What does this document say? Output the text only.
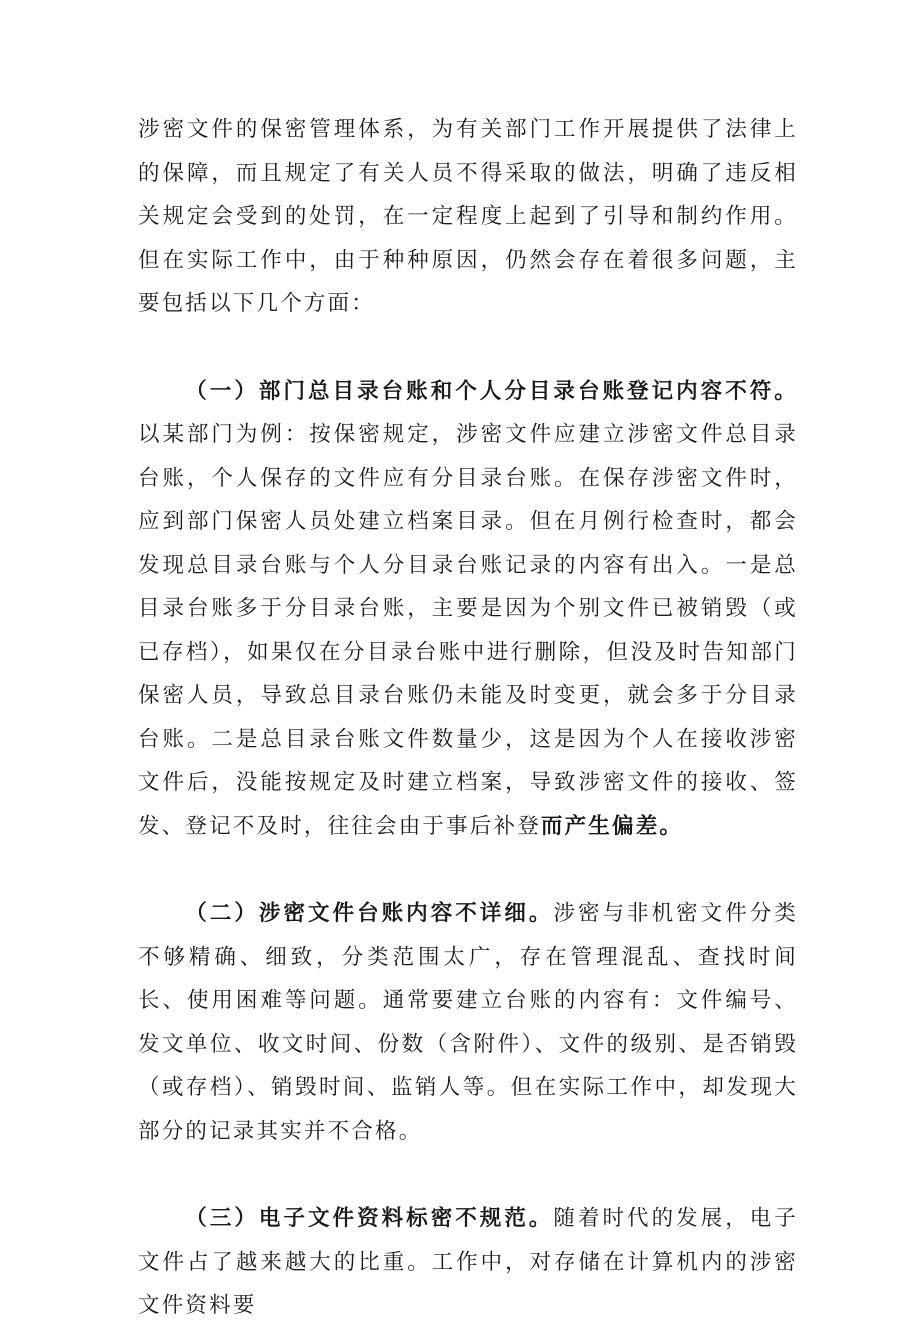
涉密文件的保密管理体系，为有关部门工作开展提供了法律上的保障，而且规定了有关人员不得采取的做法，明确了违反相关规定会受到的处罚，在一定程度上起到了引导和制约作用。但在实际工作中，由于种种原因，仍然会存在着很多问题，主要包括以下几个方面：

（一）部门总目录台账和个人分目录台账登记内容不符。以某部门为例：按保密规定，涉密文件应建立涉密文件总目录台账，个人保存的文件应有分目录台账。在保存涉密文件时，应到部门保密人员处建立档案目录。但在月例行检查时，都会发现总目录台账与个人分目录台账记录的内容有出入。一是总目录台账多于分目录台账，主要是因为个别文件已被销毁（或已存档），如果仅在分目录台账中进行删除，但没及时告知部门保密人员，导致总目录台账仍未能及时变更，就会多于分目录台账。二是总目录台账文件数量少，这是因为个人在接收涉密文件后，没能按规定及时建立档案，导致涉密文件的接收、签发、登记不及时，往往会由于事后补登而产生偏差。

（二）涉密文件台账内容不详细。涉密与非机密文件分类不够精确、细致，分类范围太广，存在管理混乱、查找时间长、使用困难等问题。通常要建立台账的内容有：文件编号、发文单位、收文时间、份数（含附件）、文件的级别、是否销毁（或存档）、销毁时间、监销人等。但在实际工作中，却发现大部分的记录其实并不合格。

（三）电子文件资料标密不规范。随着时代的发展，电子文件占了越来越大的比重。工作中，对存储在计算机内的涉密文件资料要
